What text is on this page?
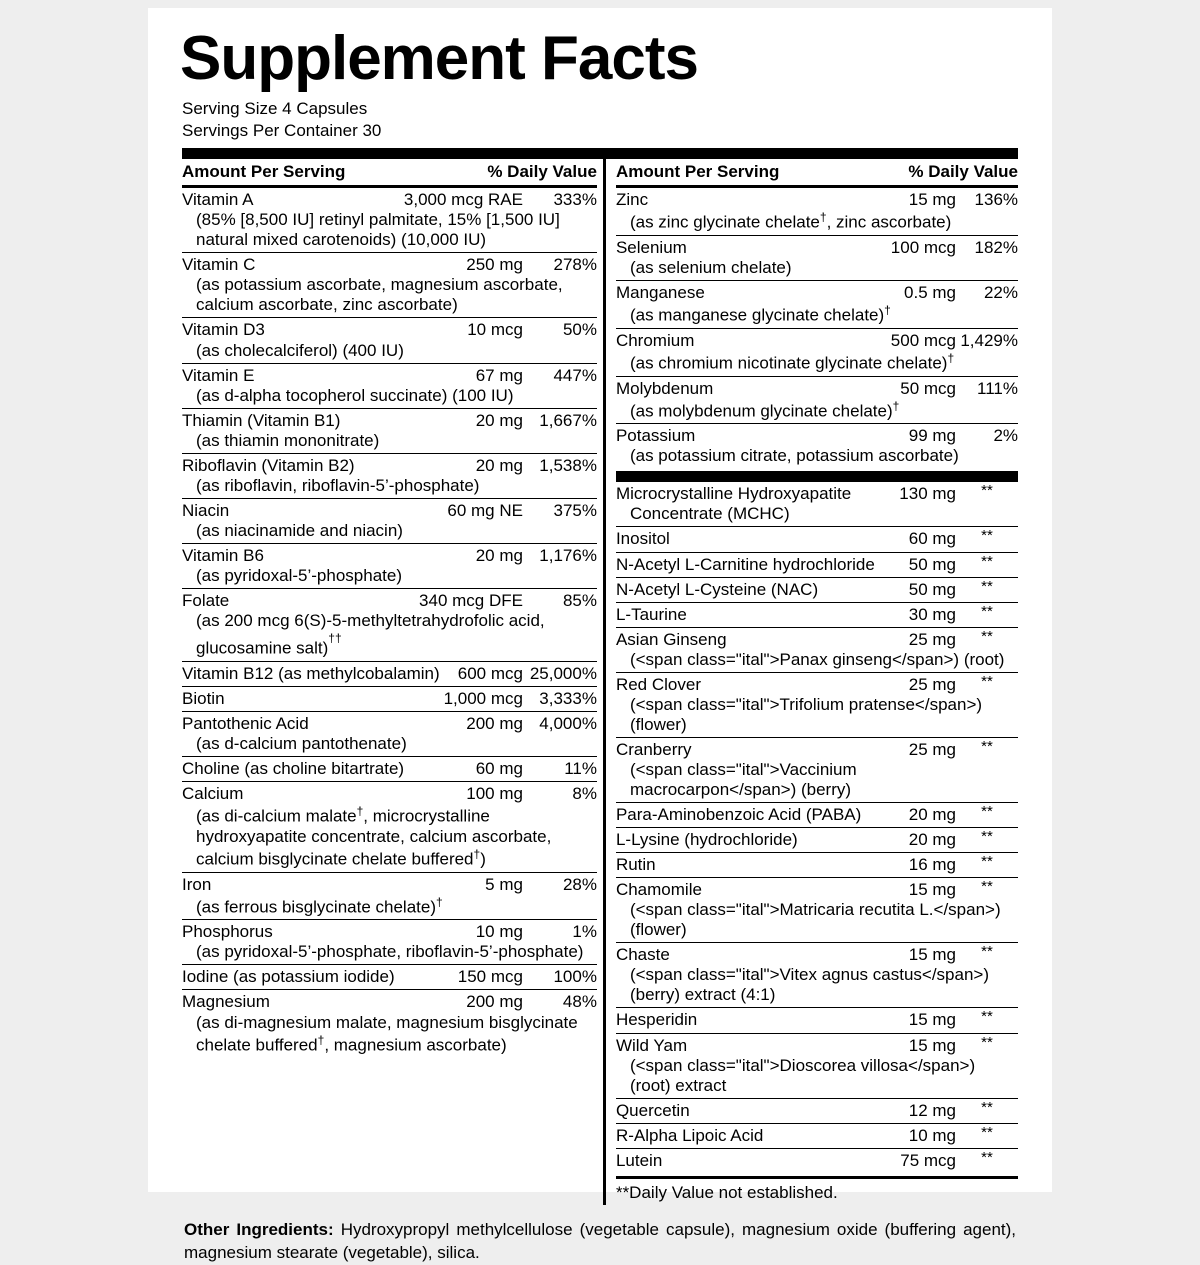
Supplement Facts
Serving Size 4 Capsules
Servings Per Container 30
Amount Per Serving	% Daily Value
Vitamin A	3,000 mcg RAE	333%
(85% [8,500 IU] retinyl palmitate, 15% [1,500 IU]
natural mixed carotenoids) (10,000 IU)
Vitamin C	250 mg	278%
(as potassium ascorbate, magnesium ascorbate,
calcium ascorbate, zinc ascorbate)
Vitamin D3	10 mcg	50%
(as cholecalciferol) (400 IU)
Vitamin E	67 mg	447%
(as d-alpha tocopherol succinate) (100 IU)
Thiamin (Vitamin B1)	20 mg 1,667%
(as thiamin mononitrate)
Riboflavin (Vitamin B2)	20 mg 1,538%
(as riboflavin, riboflavin-5’-phosphate)
Niacin	60 mg NE	375%
(as niacinamide and niacin)
Vitamin B6	20 mg 1,176%
(as pyridoxal-5’-phosphate)
Folate	340 mcg DFE	85%
(as 200 mcg 6(S)-5-methyltetrahydrofolic acid,
glucosamine salt)††
Vitamin B12 (as methylcobalamin)	600 mcg 25,000%
Biotin	1,000 mcg 3,333%
Pantothenic Acid	200 mg 4,000%
(as d-calcium pantothenate)
Choline (as choline bitartrate)	60 mg	11%
Calcium	100 mg	8%
(as di-calcium malate†, microcrystalline
hydroxyapatite concentrate, calcium ascorbate,
calcium bisglycinate chelate buffered†)
Iron	5 mg	28%
(as ferrous bisglycinate chelate)†
Phosphorus	10 mg	1%
(as pyridoxal-5’-phosphate, riboflavin-5’-phosphate)
Iodine (as potassium iodide)	150 mcg	100%
Magnesium	200 mg	48%
(as di-magnesium malate, magnesium bisglycinate
chelate buffered†, magnesium ascorbate)
Amount Per Serving	% Daily Value
Zinc	15 mg	136%
(as zinc glycinate chelate†, zinc ascorbate)
Selenium	100 mcg	182%
(as selenium chelate)
Manganese	0.5 mg	22%
(as manganese glycinate chelate)†
Chromium	500 mcg 1,429%
(as chromium nicotinate glycinate chelate)†
Molybdenum	50 mcg	111%
(as molybdenum glycinate chelate)†
Potassium	99 mg	2%
(as potassium citrate, potassium ascorbate)
Microcrystalline Hydroxyapatite	130 mg	**
Concentrate (MCHC)
Inositol	60 mg	**
N-Acetyl L-Carnitine hydrochloride	50 mg	**
N-Acetyl L-Cysteine (NAC)	50 mg	**
L-Taurine	30 mg	**
Asian Ginseng	25 mg	**
(<span class="ital">Panax ginseng</span>) (root)
Red Clover	25 mg	**
(<span class="ital">Trifolium pratense</span>) (flower)
Cranberry	25 mg	**
(<span class="ital">Vaccinium macrocarpon</span>) (berry)
Para-Aminobenzoic Acid (PABA)	20 mg	**
L-Lysine (hydrochloride)	20 mg	**
Rutin	16 mg	**
Chamomile	15 mg	**
(<span class="ital">Matricaria recutita L.</span>) (flower)
Chaste	15 mg	**
(<span class="ital">Vitex agnus castus</span>) (berry) extract (4:1)
Hesperidin	15 mg	**
Wild Yam	15 mg	**
(<span class="ital">Dioscorea villosa</span>) (root) extract
Quercetin	12 mg	**
R-Alpha Lipoic Acid	10 mg	**
Lutein	75 mcg	**
**Daily Value not established.
Other Ingredients: Hydroxypropyl methylcellulose (vegetable capsule), magnesium oxide (buffering agent), magnesium stearate (vegetable), silica.
